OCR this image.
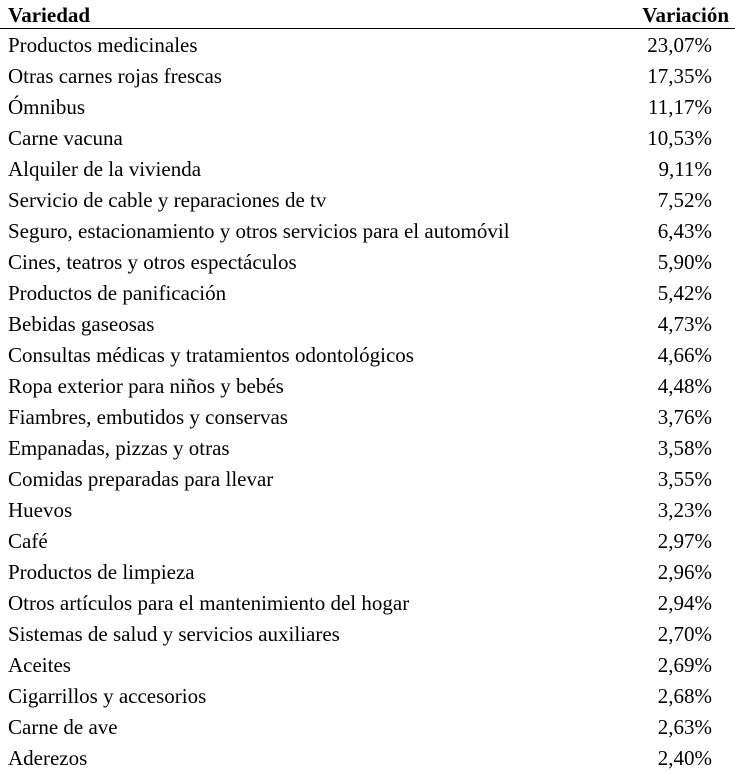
Variedad	Variación
Productos medicinales	23,07%
Otras carnes rojas frescas	17,35%
Ómnibus	11,17%
Carne vacuna	10,53%
Alquiler de la vivienda	9,11%
Servicio de cable y reparaciones de tv	7,52%
Seguro, estacionamiento y otros servicios para el automóvil	6,43%
Cines, teatros y otros espectáculos	5,90%
Productos de panificación	5,42%
Bebidas gaseosas	4,73%
Consultas médicas y tratamientos odontológicos	4,66%
Ropa exterior para niños y bebés	4,48%
Fiambres, embutidos y conservas	3,76%
Empanadas, pizzas y otras	3,58%
Comidas preparadas para llevar	3,55%
Huevos	3,23%
Café	2,97%
Productos de limpieza	2,96%
Otros artículos para el mantenimiento del hogar	2,94%
Sistemas de salud y servicios auxiliares	2,70%
Aceites	2,69%
Cigarrillos y accesorios	2,68%
Carne de ave	2,63%
Aderezos	2,40%
